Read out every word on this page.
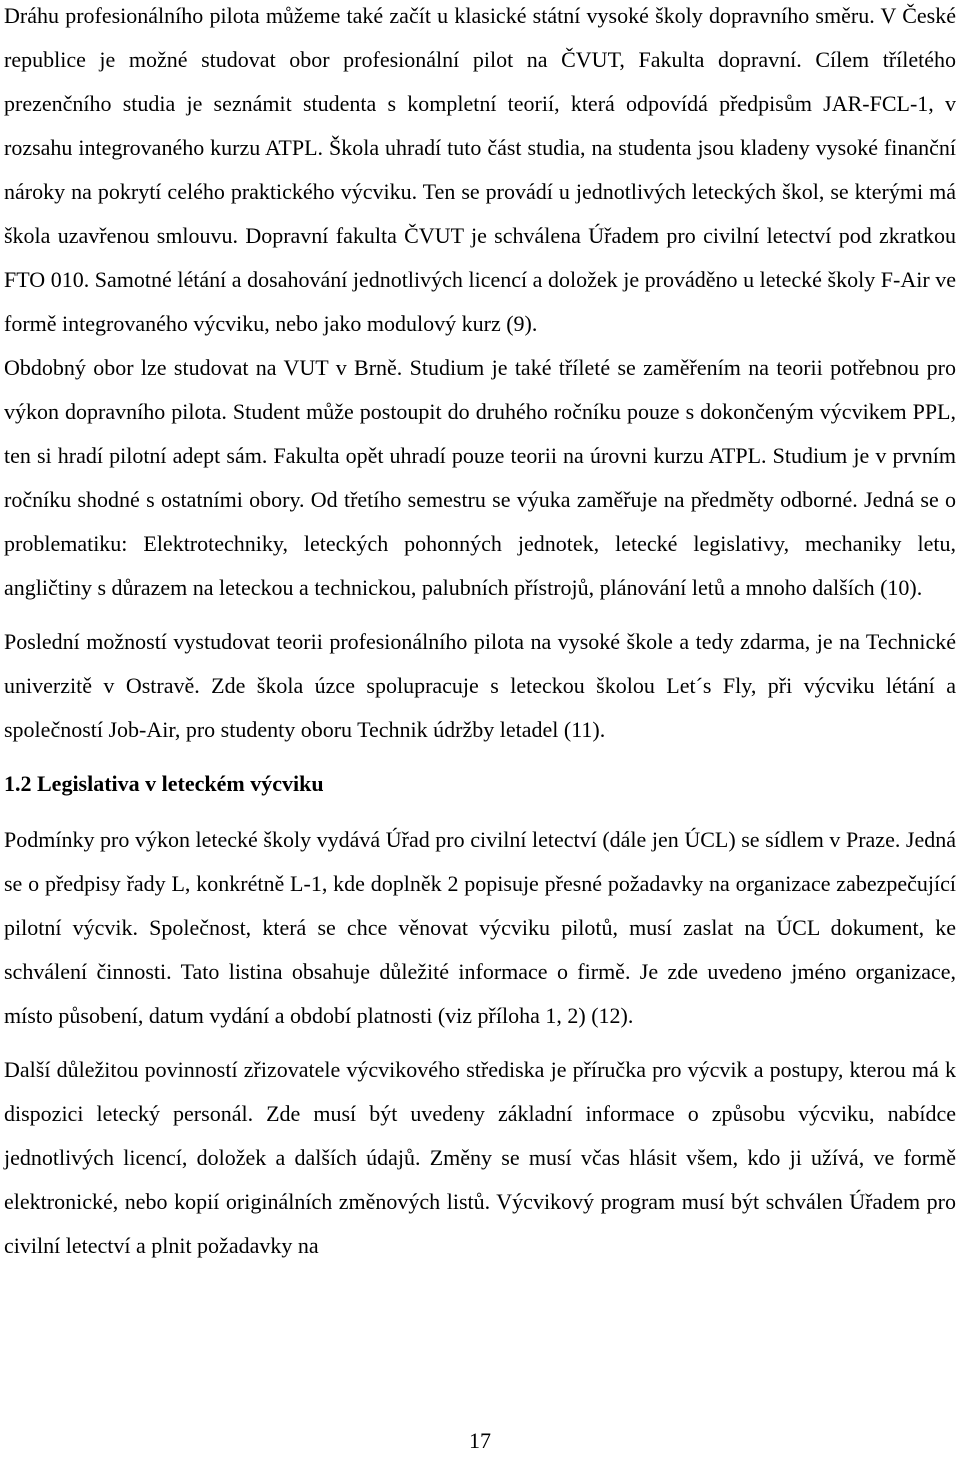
Dráhu profesionálního pilota můžeme také začít u klasické státní vysoké školy dopravního směru. V České republice je možné studovat obor profesionální pilot na ČVUT, Fakulta dopravní. Cílem tříletého prezenčního studia je seznámit studenta s kompletní teorií, která odpovídá předpisům JAR-FCL-1, v rozsahu integrovaného kurzu ATPL. Škola uhradí tuto část studia, na studenta jsou kladeny vysoké finanční nároky na pokrytí celého praktického výcviku. Ten se provádí u jednotlivých leteckých škol, se kterými má škola uzavřenou smlouvu. Dopravní fakulta ČVUT je schválena Úřadem pro civilní letectví pod zkratkou FTO 010. Samotné létání a dosahování jednotlivých licencí a doložek je prováděno u letecké školy F-Air ve formě integrovaného výcviku, nebo jako modulový kurz (9).

Obdobný obor lze studovat na VUT v Brně. Studium je také tříleté se zaměřením na teorii potřebnou pro výkon dopravního pilota. Student může postoupit do druhého ročníku pouze s dokončeným výcvikem PPL, ten si hradí pilotní adept sám. Fakulta opět uhradí pouze teorii na úrovni kurzu ATPL. Studium je v prvním ročníku shodné s ostatními obory. Od třetího semestru se výuka zaměřuje na předměty odborné. Jedná se o problematiku: Elektrotechniky, leteckých pohonných jednotek, letecké legislativy, mechaniky letu, angličtiny s důrazem na leteckou a technickou, palubních přístrojů, plánování letů a mnoho dalších (10).

Poslední možností vystudovat teorii profesionálního pilota na vysoké škole a tedy zdarma, je na Technické univerzitě v Ostravě. Zde škola úzce spolupracuje s leteckou školou Let´s Fly, při výcviku létání a společností Job-Air, pro studenty oboru Technik údržby letadel (11).

1.2 Legislativa v leteckém výcviku

Podmínky pro výkon letecké školy vydává Úřad pro civilní letectví (dále jen ÚCL) se sídlem v Praze. Jedná se o předpisy řady L, konkrétně L-1, kde doplněk 2 popisuje přesné požadavky na organizace zabezpečující pilotní výcvik. Společnost, která se chce věnovat výcviku pilotů, musí zaslat na ÚCL dokument, ke schválení činnosti. Tato listina obsahuje důležité informace o firmě. Je zde uvedeno jméno organizace, místo působení, datum vydání a období platnosti (viz příloha 1, 2) (12).

Další důležitou povinností zřizovatele výcvikového střediska je příručka pro výcvik a postupy, kterou má k dispozici letecký personál. Zde musí být uvedeny základní informace o způsobu výcviku, nabídce jednotlivých licencí, doložek a dalších údajů. Změny se musí včas hlásit všem, kdo ji užívá, ve formě elektronické, nebo kopií originálních změnových listů. Výcvikový program musí být schválen Úřadem pro civilní letectví a plnit požadavky na

17
